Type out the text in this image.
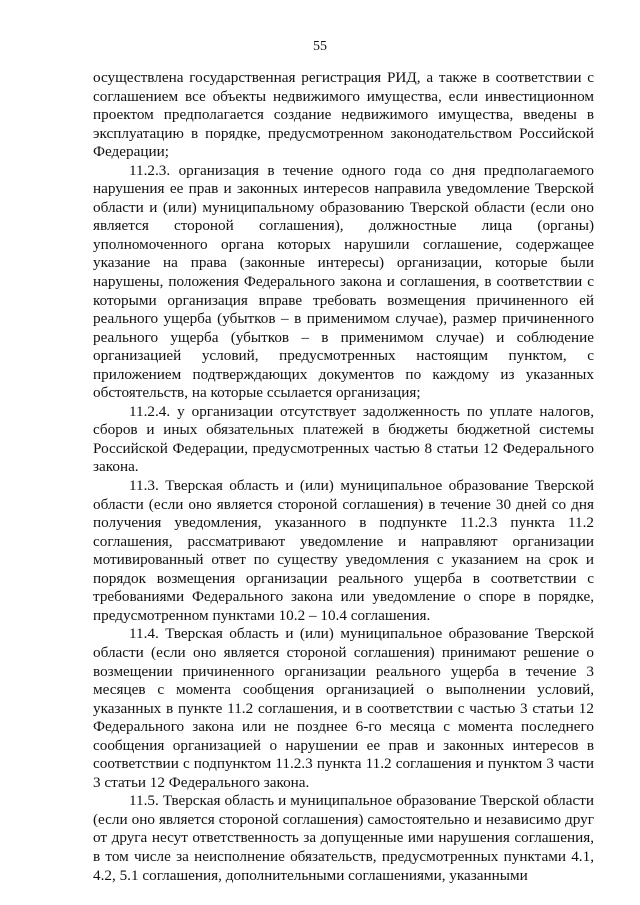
55

осуществлена государственная регистрация РИД, а также в соответствии с соглашением все объекты недвижимого имущества, если инвестиционном проектом предполагается создание недвижимого имущества, введены в эксплуатацию в порядке, предусмотренном законодательством Российской Федерации;

11.2.3. организация в течение одного года со дня предполагаемого нарушения ее прав и законных интересов направила уведомление Тверской области и (или) муниципальному образованию Тверской области (если оно является стороной соглашения), должностные лица (органы) уполномоченного органа которых нарушили соглашение, содержащее указание на права (законные интересы) организации, которые были нарушены, положения Федерального закона и соглашения, в соответствии с которыми организация вправе требовать возмещения причиненного ей реального ущерба (убытков – в применимом случае), размер причиненного реального ущерба (убытков – в применимом случае) и соблюдение организацией условий, предусмотренных настоящим пунктом, с приложением подтверждающих документов по каждому из указанных обстоятельств, на которые ссылается организация;

11.2.4. у организации отсутствует задолженность по уплате налогов, сборов и иных обязательных платежей в бюджеты бюджетной системы Российской Федерации, предусмотренных частью 8 статьи 12 Федерального закона.

11.3. Тверская область и (или) муниципальное образование Тверской области (если оно является стороной соглашения) в течение 30 дней со дня получения уведомления, указанного в подпункте 11.2.3 пункта 11.2 соглашения, рассматривают уведомление и направляют организации мотивированный ответ по существу уведомления с указанием на срок и порядок возмещения организации реального ущерба в соответствии с требованиями Федерального закона или уведомление о споре в порядке, предусмотренном пунктами 10.2 – 10.4 соглашения.

11.4. Тверская область и (или) муниципальное образование Тверской области (если оно является стороной соглашения) принимают решение о возмещении причиненного организации реального ущерба в течение 3 месяцев с момента сообщения организацией о выполнении условий, указанных в пункте 11.2 соглашения, и в соответствии с частью 3 статьи 12 Федерального закона или не позднее 6-го месяца с момента последнего сообщения организацией о нарушении ее прав и законных интересов в соответствии с подпунктом 11.2.3 пункта 11.2 соглашения и пунктом 3 части 3 статьи 12 Федерального закона.

11.5. Тверская область и муниципальное образование Тверской области (если оно является стороной соглашения) самостоятельно и независимо друг от друга несут ответственность за допущенные ими нарушения соглашения, в том числе за неисполнение обязательств, предусмотренных пунктами 4.1, 4.2, 5.1 соглашения, дополнительными соглашениями, указанными
